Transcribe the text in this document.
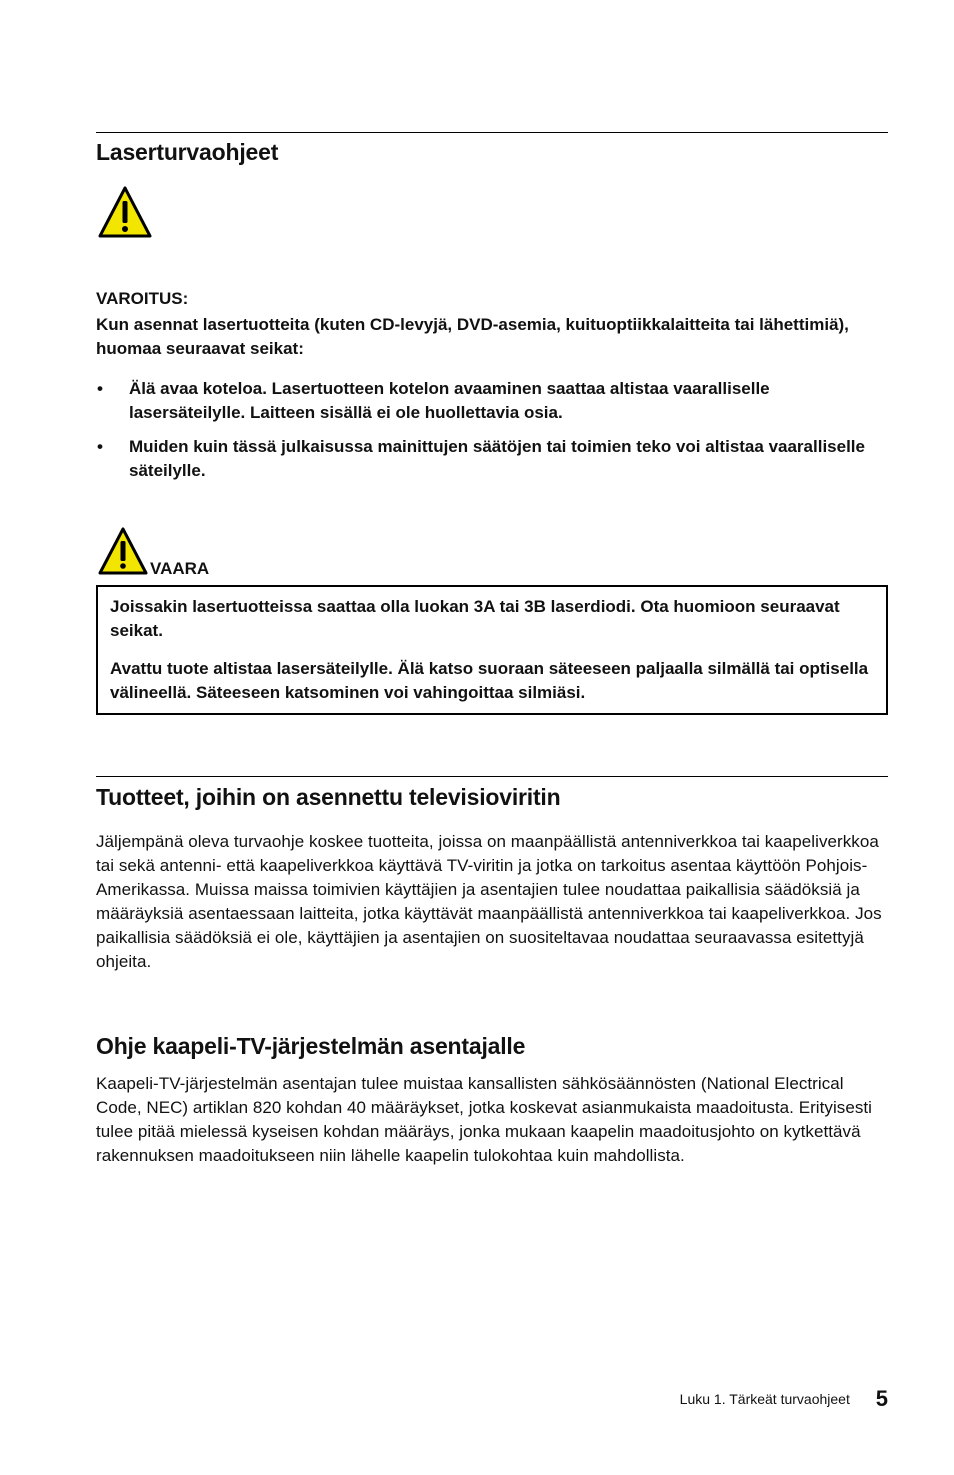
Laserturvaohjeet
VAROITUS:

Kun asennat lasertuotteita (kuten CD-levyjä, DVD-asemia, kuituoptiikkalaitteita tai lähettimiä), huomaa seuraavat seikat:

• Älä avaa koteloa. Lasertuotteen kotelon avaaminen saattaa altistaa vaaralliselle lasersäteilylle. Laitteen sisällä ei ole huollettavia osia.
• Muiden kuin tässä julkaisussa mainittujen säätöjen tai toimien teko voi altistaa vaaralliselle säteilylle.
VAARA

Joissakin lasertuotteissa saattaa olla luokan 3A tai 3B laserdiodi. Ota huomioon seuraavat seikat.

Avattu tuote altistaa lasersäteilylle. Älä katso suoraan säteeseen paljaalla silmällä tai optisella välineellä. Säteeseen katsominen voi vahingoittaa silmiäsi.

Tuotteet, joihin on asennettu televisioviritin

Jäljempänä oleva turvaohje koskee tuotteita, joissa on maanpäällistä antenniverkkoa tai kaapeliverkkoa tai sekä antenni- että kaapeliverkkoa käyttävä TV-viritin ja jotka on tarkoitus asentaa käyttöön Pohjois-Amerikassa. Muissa maissa toimivien käyttäjien ja asentajien tulee noudattaa paikallisia säädöksiä ja määräyksiä asentaessaan laitteita, jotka käyttävät maanpäällistä antenniverkkoa tai kaapeliverkkoa. Jos paikallisia säädöksiä ei ole, käyttäjien ja asentajien on suositeltavaa noudattaa seuraavassa esitettyjä ohjeita.

Ohje kaapeli-TV-järjestelmän asentajalle

Kaapeli-TV-järjestelmän asentajan tulee muistaa kansallisten sähkösäännösten (National Electrical Code, NEC) artiklan 820 kohdan 40 määräykset, jotka koskevat asianmukaista maadoitusta. Erityisesti tulee pitää mielessä kyseisen kohdan määräys, jonka mukaan kaapelin maadoitusjohto on kytkettävä rakennuksen maadoitukseen niin lähelle kaapelin tulokohtaa kuin mahdollista.

Luku 1. Tärkeät turvaohjeet 5
